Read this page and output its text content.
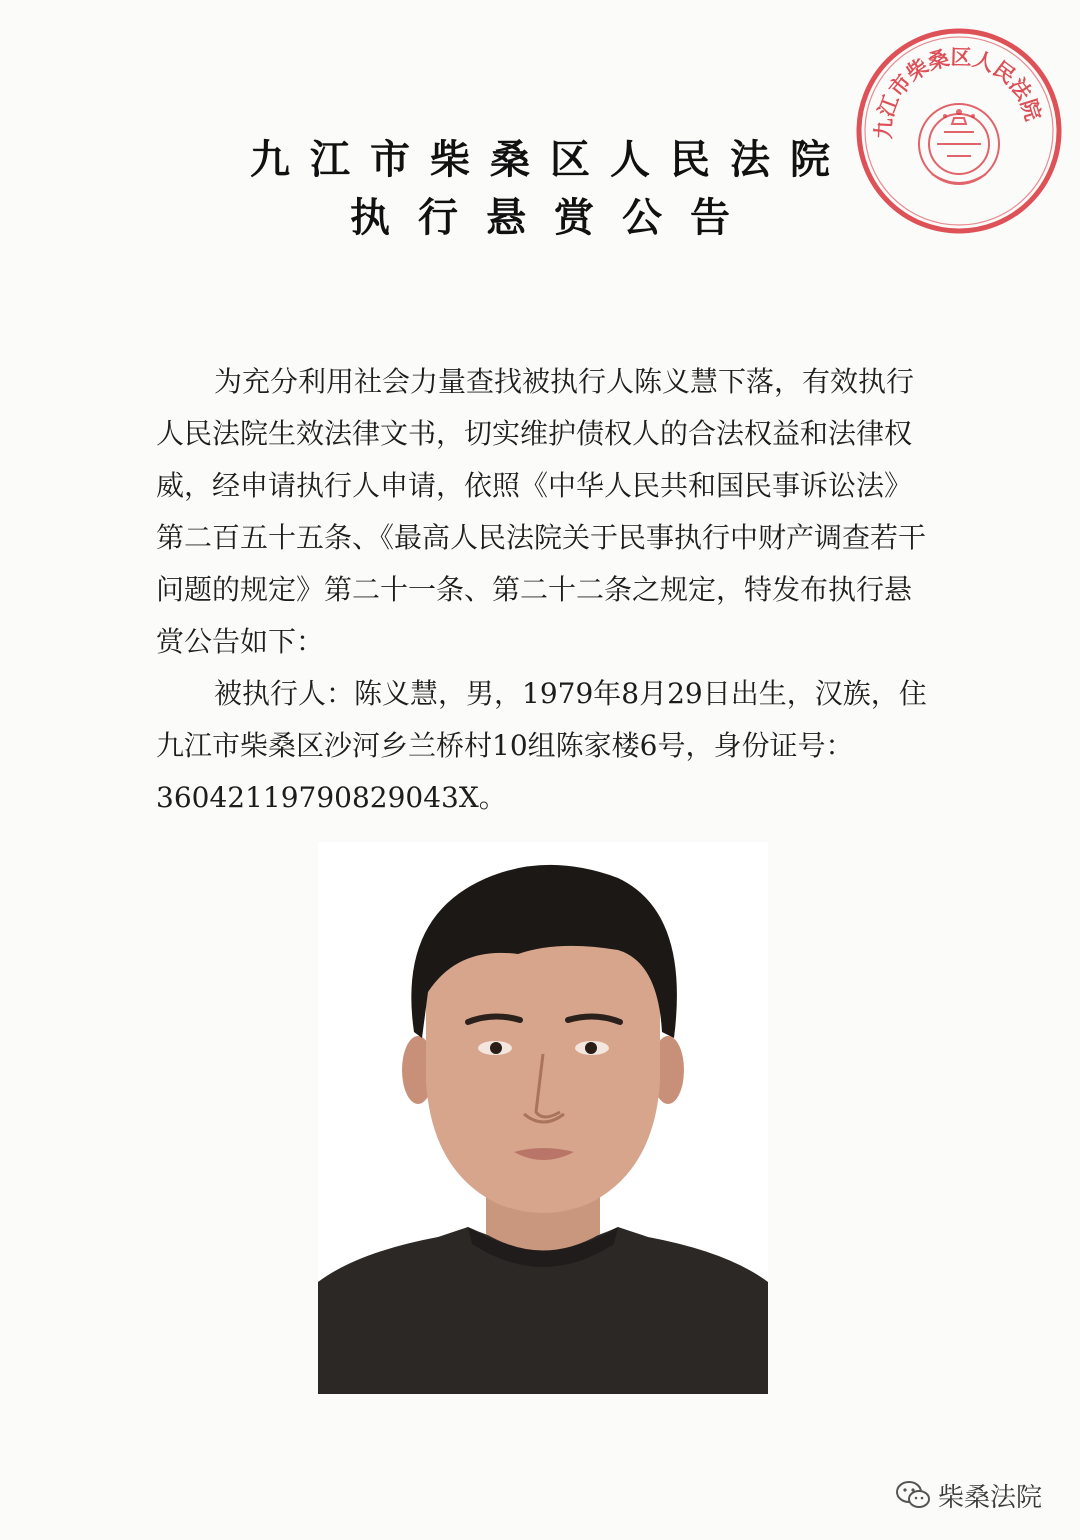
九江市柴桑区人民法院
九江市柴桑区人民法院
执行悬赏公告
为充分利用社会力量查找被执行人陈义慧下落，有效执行人民法院生效法律文书，切实维护债权人的合法权益和法律权威，经申请执行人申请，依照《中华人民共和国民事诉讼法》第二百五十五条、《最高人民法院关于民事执行中财产调查若干问题的规定》第二十一条、第二十二条之规定，特发布执行悬赏公告如下：
被执行人：陈义慧，男，1979年8月29日出生，汉族，住九江市柴桑区沙河乡兰桥村10组陈家楼6号，身份证号：
36042119790829043X。
柴桑法院
